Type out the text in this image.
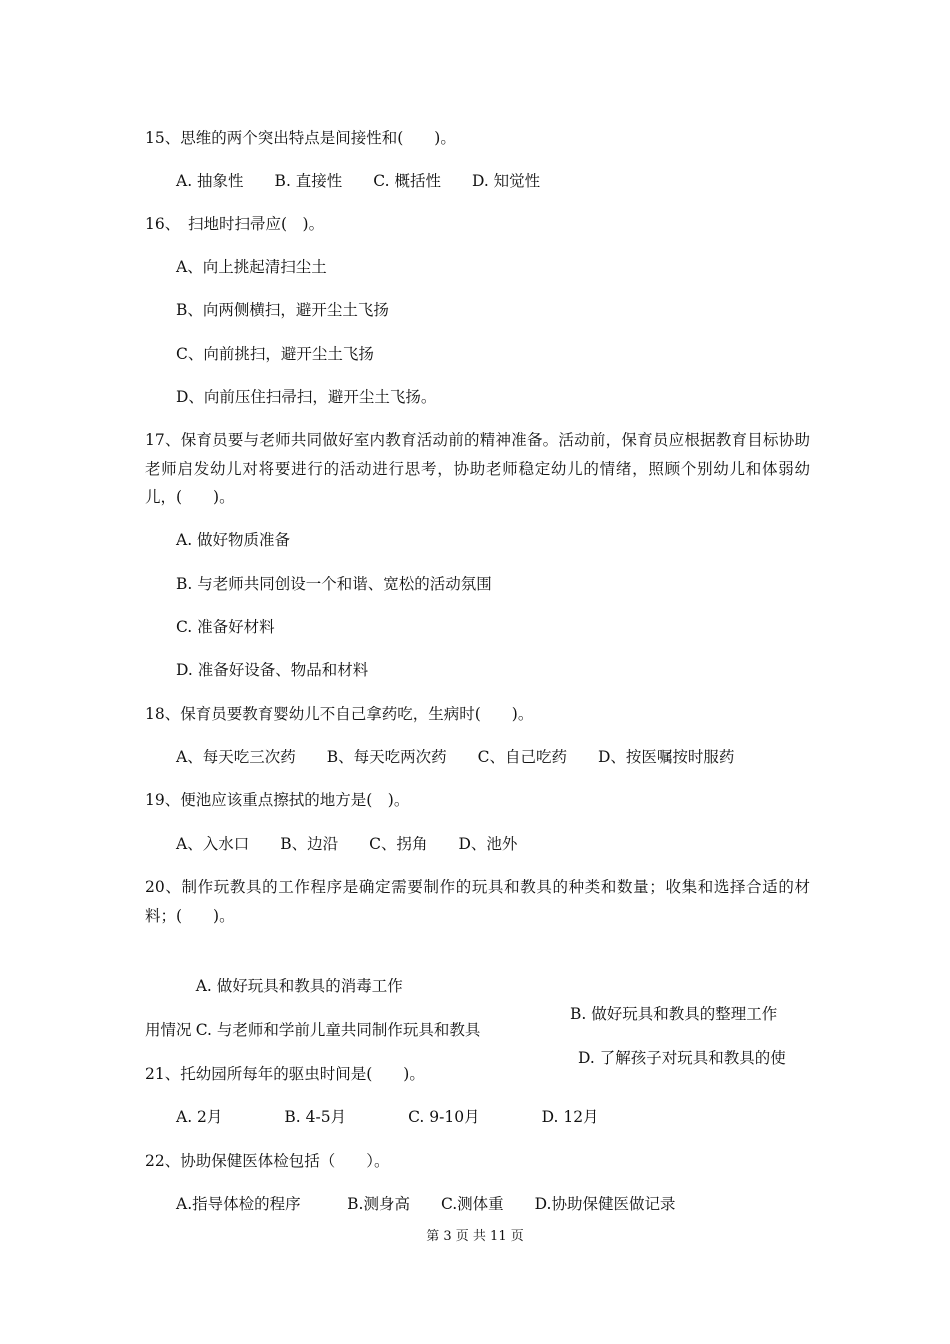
15、思维的两个突出特点是间接性和(　　)。
A. 抽象性　　B. 直接性　　C. 概括性　　D. 知觉性
16、　扫地时扫帚应(　)。
A、向上挑起清扫尘土
B、向两侧横扫，避开尘土飞扬
C、向前挑扫，避开尘土飞扬
D、向前压住扫帚扫，避开尘土飞扬。
17、保育员要与老师共同做好室内教育活动前的精神准备。活动前，保育员应根据教育目标协助老师启发幼儿对将要进行的活动进行思考，协助老师稳定幼儿的情绪，照顾个别幼儿和体弱幼儿，(　　)。
A. 做好物质准备
B. 与老师共同创设一个和谐、宽松的活动氛围
C. 准备好材料
D. 准备好设备、物品和材料
18、保育员要教育婴幼儿不自己拿药吃，生病时(　　)。
A、每天吃三次药　　B、每天吃两次药　　C、自己吃药　　D、按医嘱按时服药
19、便池应该重点擦拭的地方是(　)。
A、入水口　　B、边沿　　C、拐角　　D、池外
20、制作玩教具的工作程序是确定需要制作的玩具和教具的种类和数量；收集和选择合适的材料；(　　)。

A. 做好玩具和教具的消毒工作

B. 做好玩具和教具的整理工作

C. 与老师和学前儿童共同制作玩具和教具

D. 了解孩子对玩具和教具的使

用情况
21、托幼园所每年的驱虫时间是(　　)。
A. 2月　　　　B. 4-5月　　　　C. 9-10月　　　　D. 12月
22、协助保健医体检包括（　　）。
A.指导体检的程序　　　B.测身高　　C.测体重　　D.协助保健医做记录
第 3 页 共 11 页
